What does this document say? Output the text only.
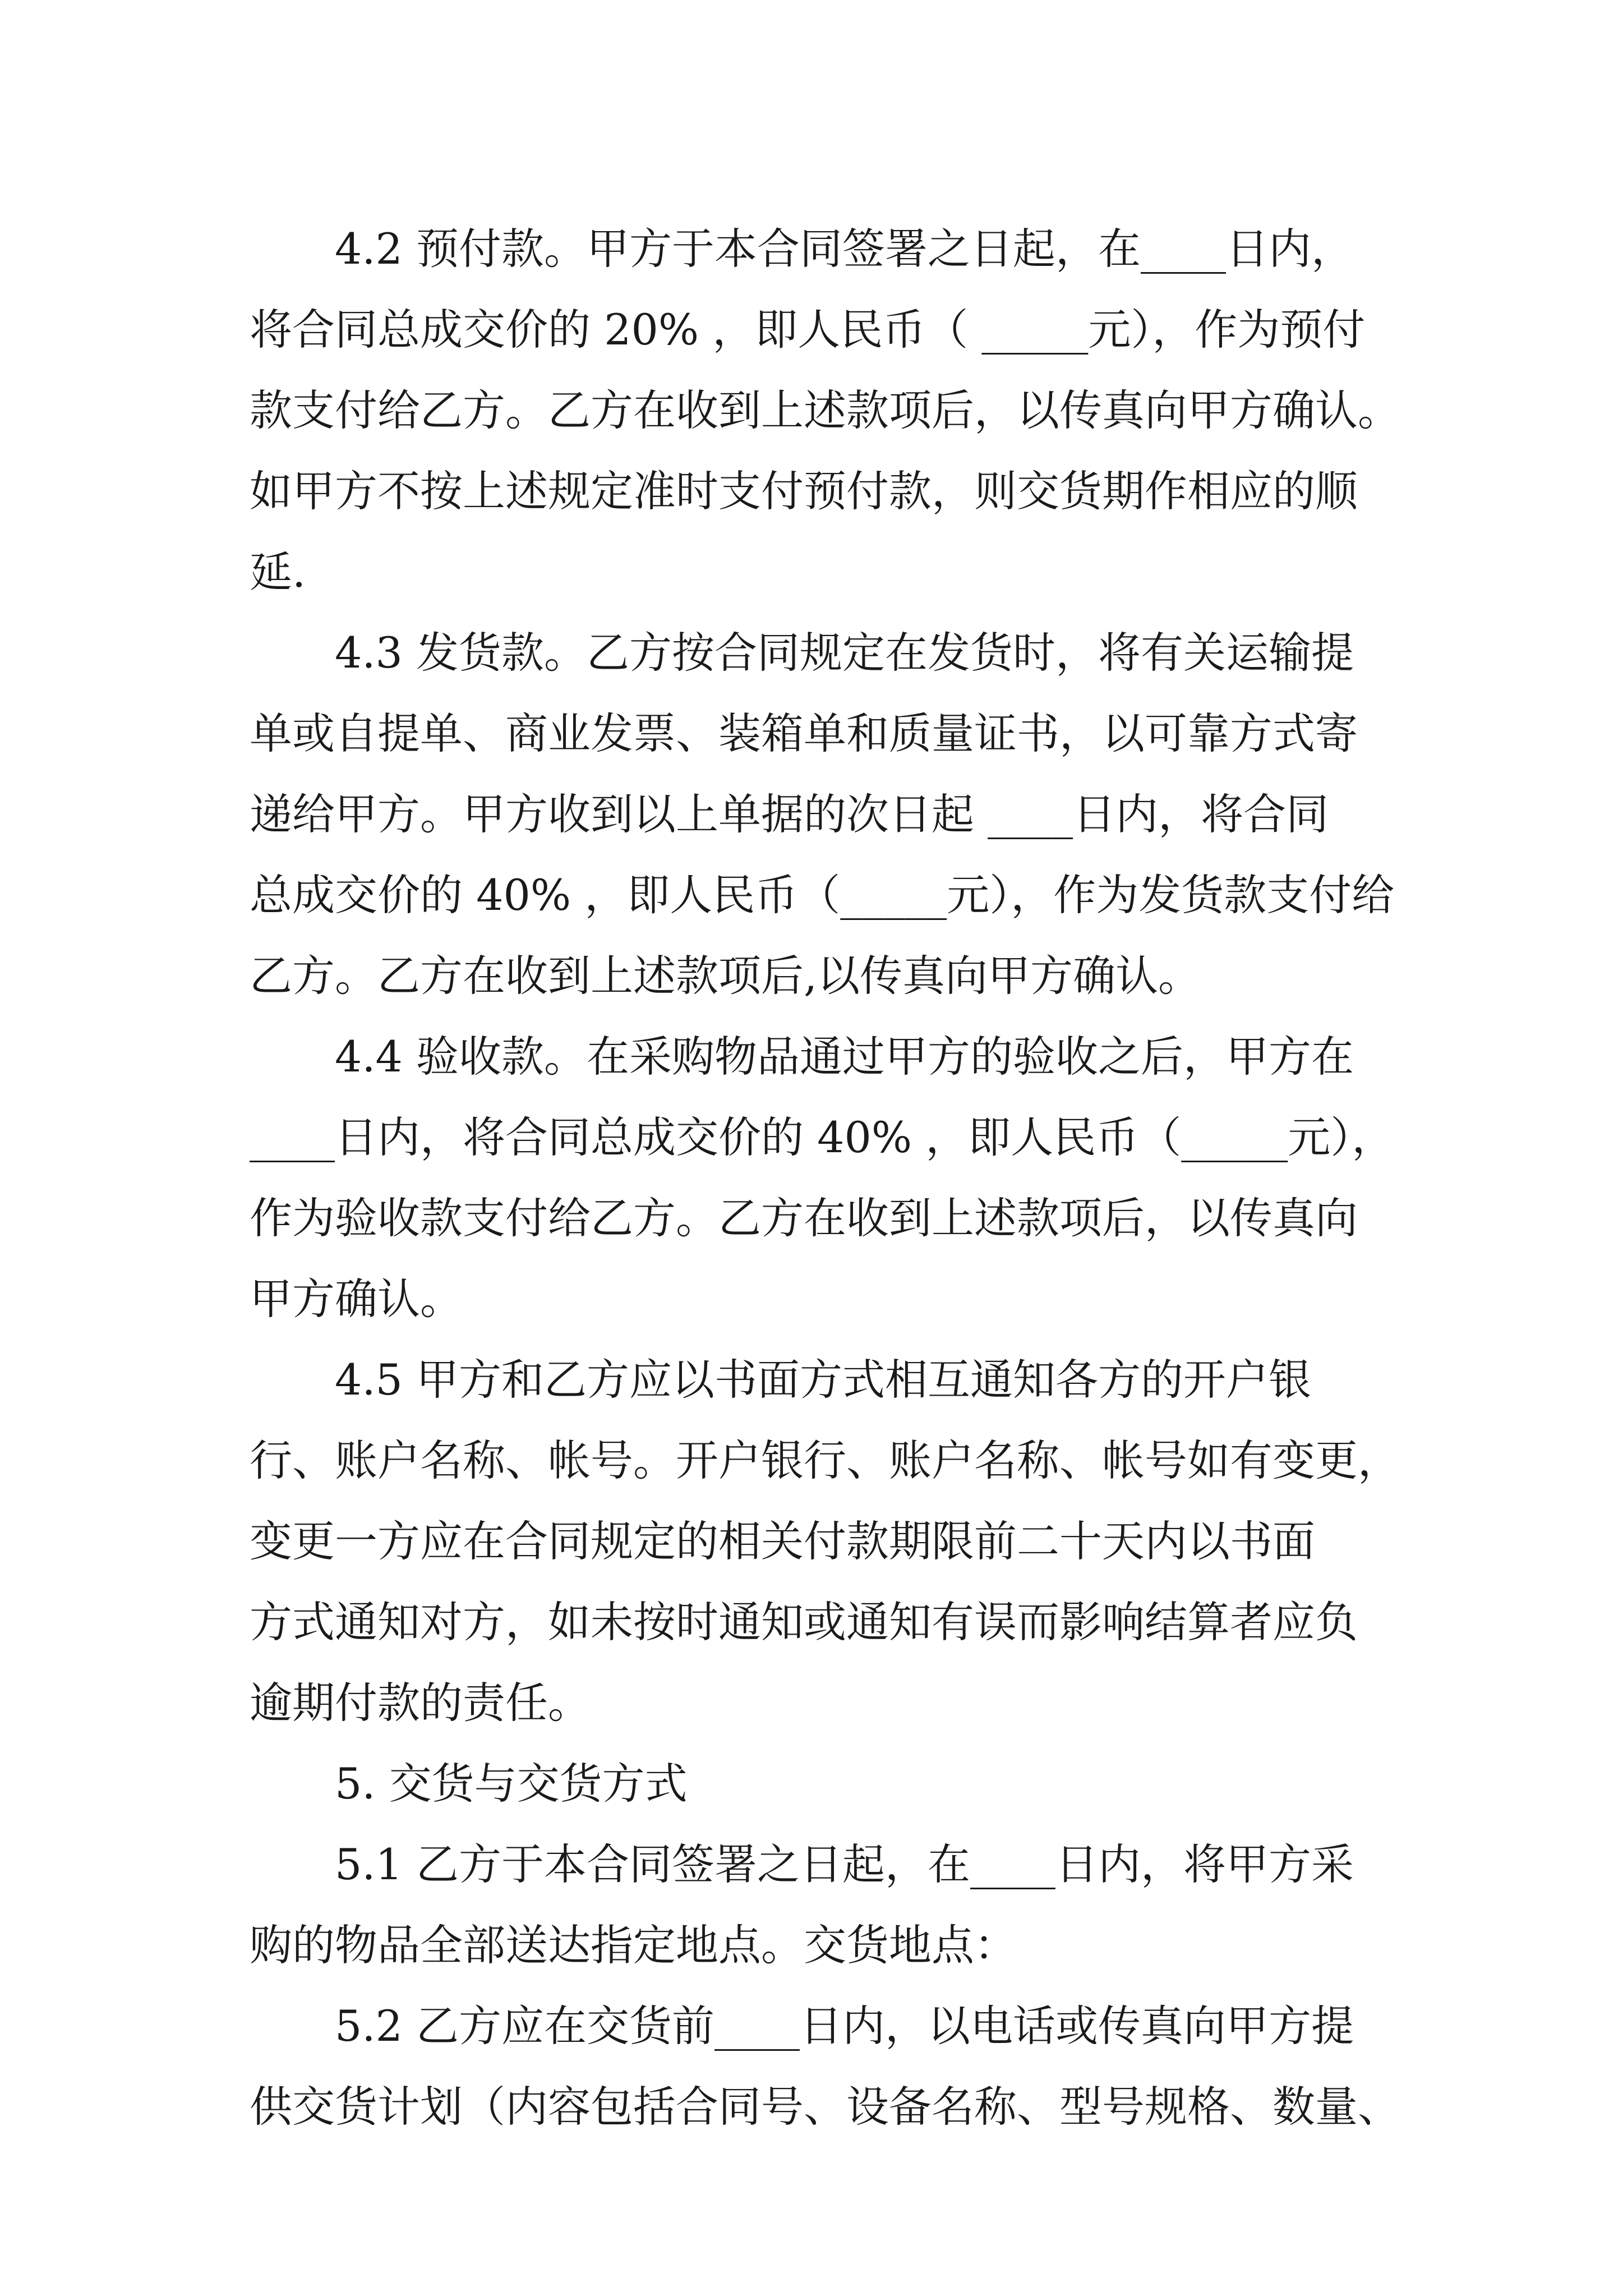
4.2 预付款。甲方于本合同签署之日起，在____日内，
将合同总成交价的 20% ，即人民币（ _____元），作为预付
款支付给乙方。乙方在收到上述款项后，以传真向甲方确认。
如甲方不按上述规定准时支付预付款，则交货期作相应的顺
延.
4.3 发货款。乙方按合同规定在发货时，将有关运输提
单或自提单、商业发票、装箱单和质量证书，以可靠方式寄
递给甲方。甲方收到以上单据的次日起 ____日内，将合同
总成交价的 40% ，即人民币（_____元），作为发货款支付给
乙方。乙方在收到上述款项后,以传真向甲方确认。
4.4 验收款。在采购物品通过甲方的验收之后，甲方在
____日内，将合同总成交价的 40% ，即人民币（_____元），
作为验收款支付给乙方。乙方在收到上述款项后，以传真向
甲方确认。
4.5 甲方和乙方应以书面方式相互通知各方的开户银
行、账户名称、帐号。开户银行、账户名称、帐号如有变更，
变更一方应在合同规定的相关付款期限前二十天内以书面
方式通知对方，如未按时通知或通知有误而影响结算者应负
逾期付款的责任。
5. 交货与交货方式
5.1 乙方于本合同签署之日起，在____日内，将甲方采
购的物品全部送达指定地点。交货地点：
5.2 乙方应在交货前____日内，以电话或传真向甲方提
供交货计划（内容包括合同号、设备名称、型号规格、数量、
